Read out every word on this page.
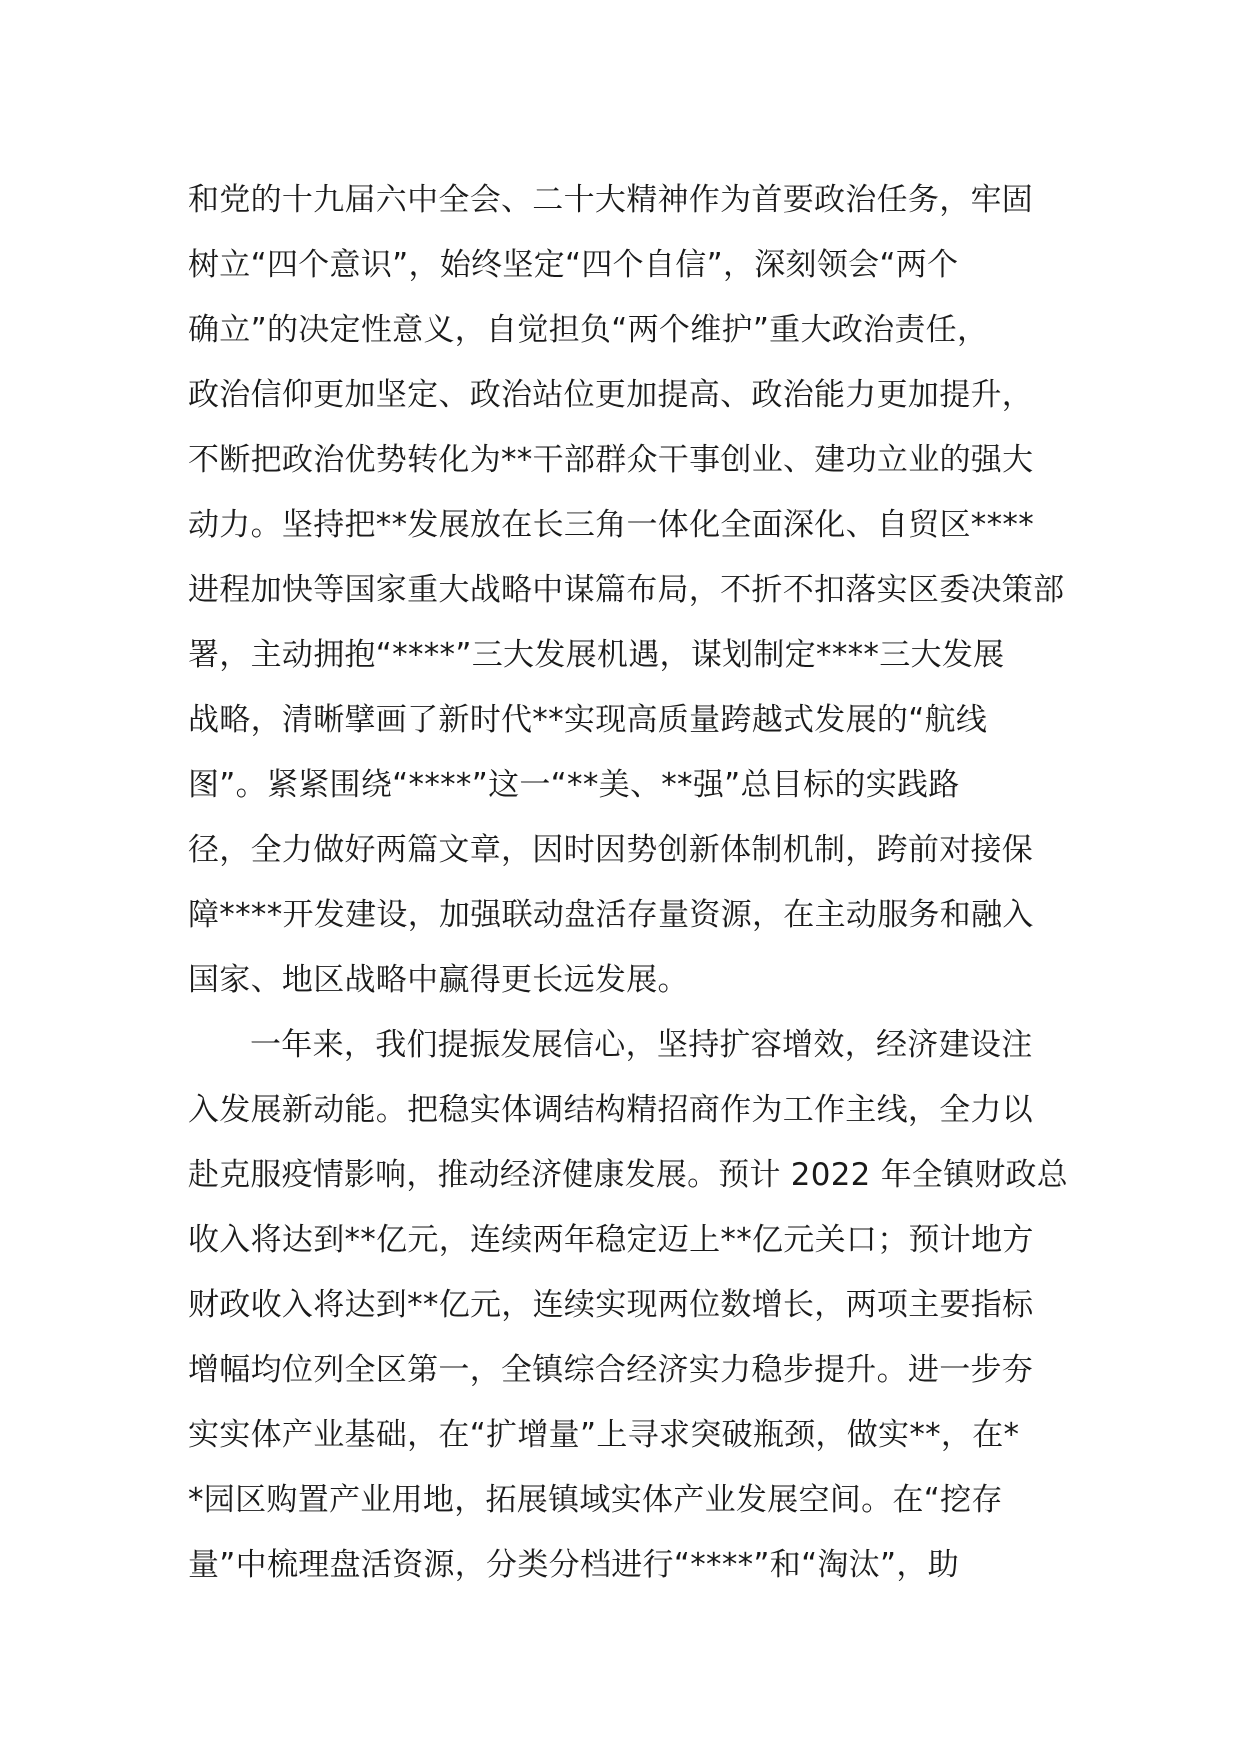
和党的十九届六中全会、二十大精神作为首要政治任务，牢固
树立“四个意识”，始终坚定“四个自信”，深刻领会“两个
确立”的决定性意义，自觉担负“两个维护”重大政治责任，
政治信仰更加坚定、政治站位更加提高、政治能力更加提升，
不断把政治优势转化为**干部群众干事创业、建功立业的强大
动力。坚持把**发展放在长三角一体化全面深化、自贸区****
进程加快等国家重大战略中谋篇布局，不折不扣落实区委决策部
署，主动拥抱“****”三大发展机遇，谋划制定****三大发展
战略，清晰擘画了新时代**实现高质量跨越式发展的“航线
图”。紧紧围绕“****”这一“**美、**强”总目标的实践路
径，全力做好两篇文章，因时因势创新体制机制，跨前对接保
障****开发建设，加强联动盘活存量资源，在主动服务和融入
国家、地区战略中赢得更长远发展。
一年来，我们提振发展信心，坚持扩容增效，经济建设注
入发展新动能。把稳实体调结构精招商作为工作主线，全力以
赴克服疫情影响，推动经济健康发展。预计 2022 年全镇财政总
收入将达到**亿元，连续两年稳定迈上**亿元关口；预计地方
财政收入将达到**亿元，连续实现两位数增长，两项主要指标
增幅均位列全区第一，全镇综合经济实力稳步提升。进一步夯
实实体产业基础，在“扩增量”上寻求突破瓶颈，做实**，在*
*园区购置产业用地，拓展镇域实体产业发展空间。在“挖存
量”中梳理盘活资源，分类分档进行“****”和“淘汰”，助
